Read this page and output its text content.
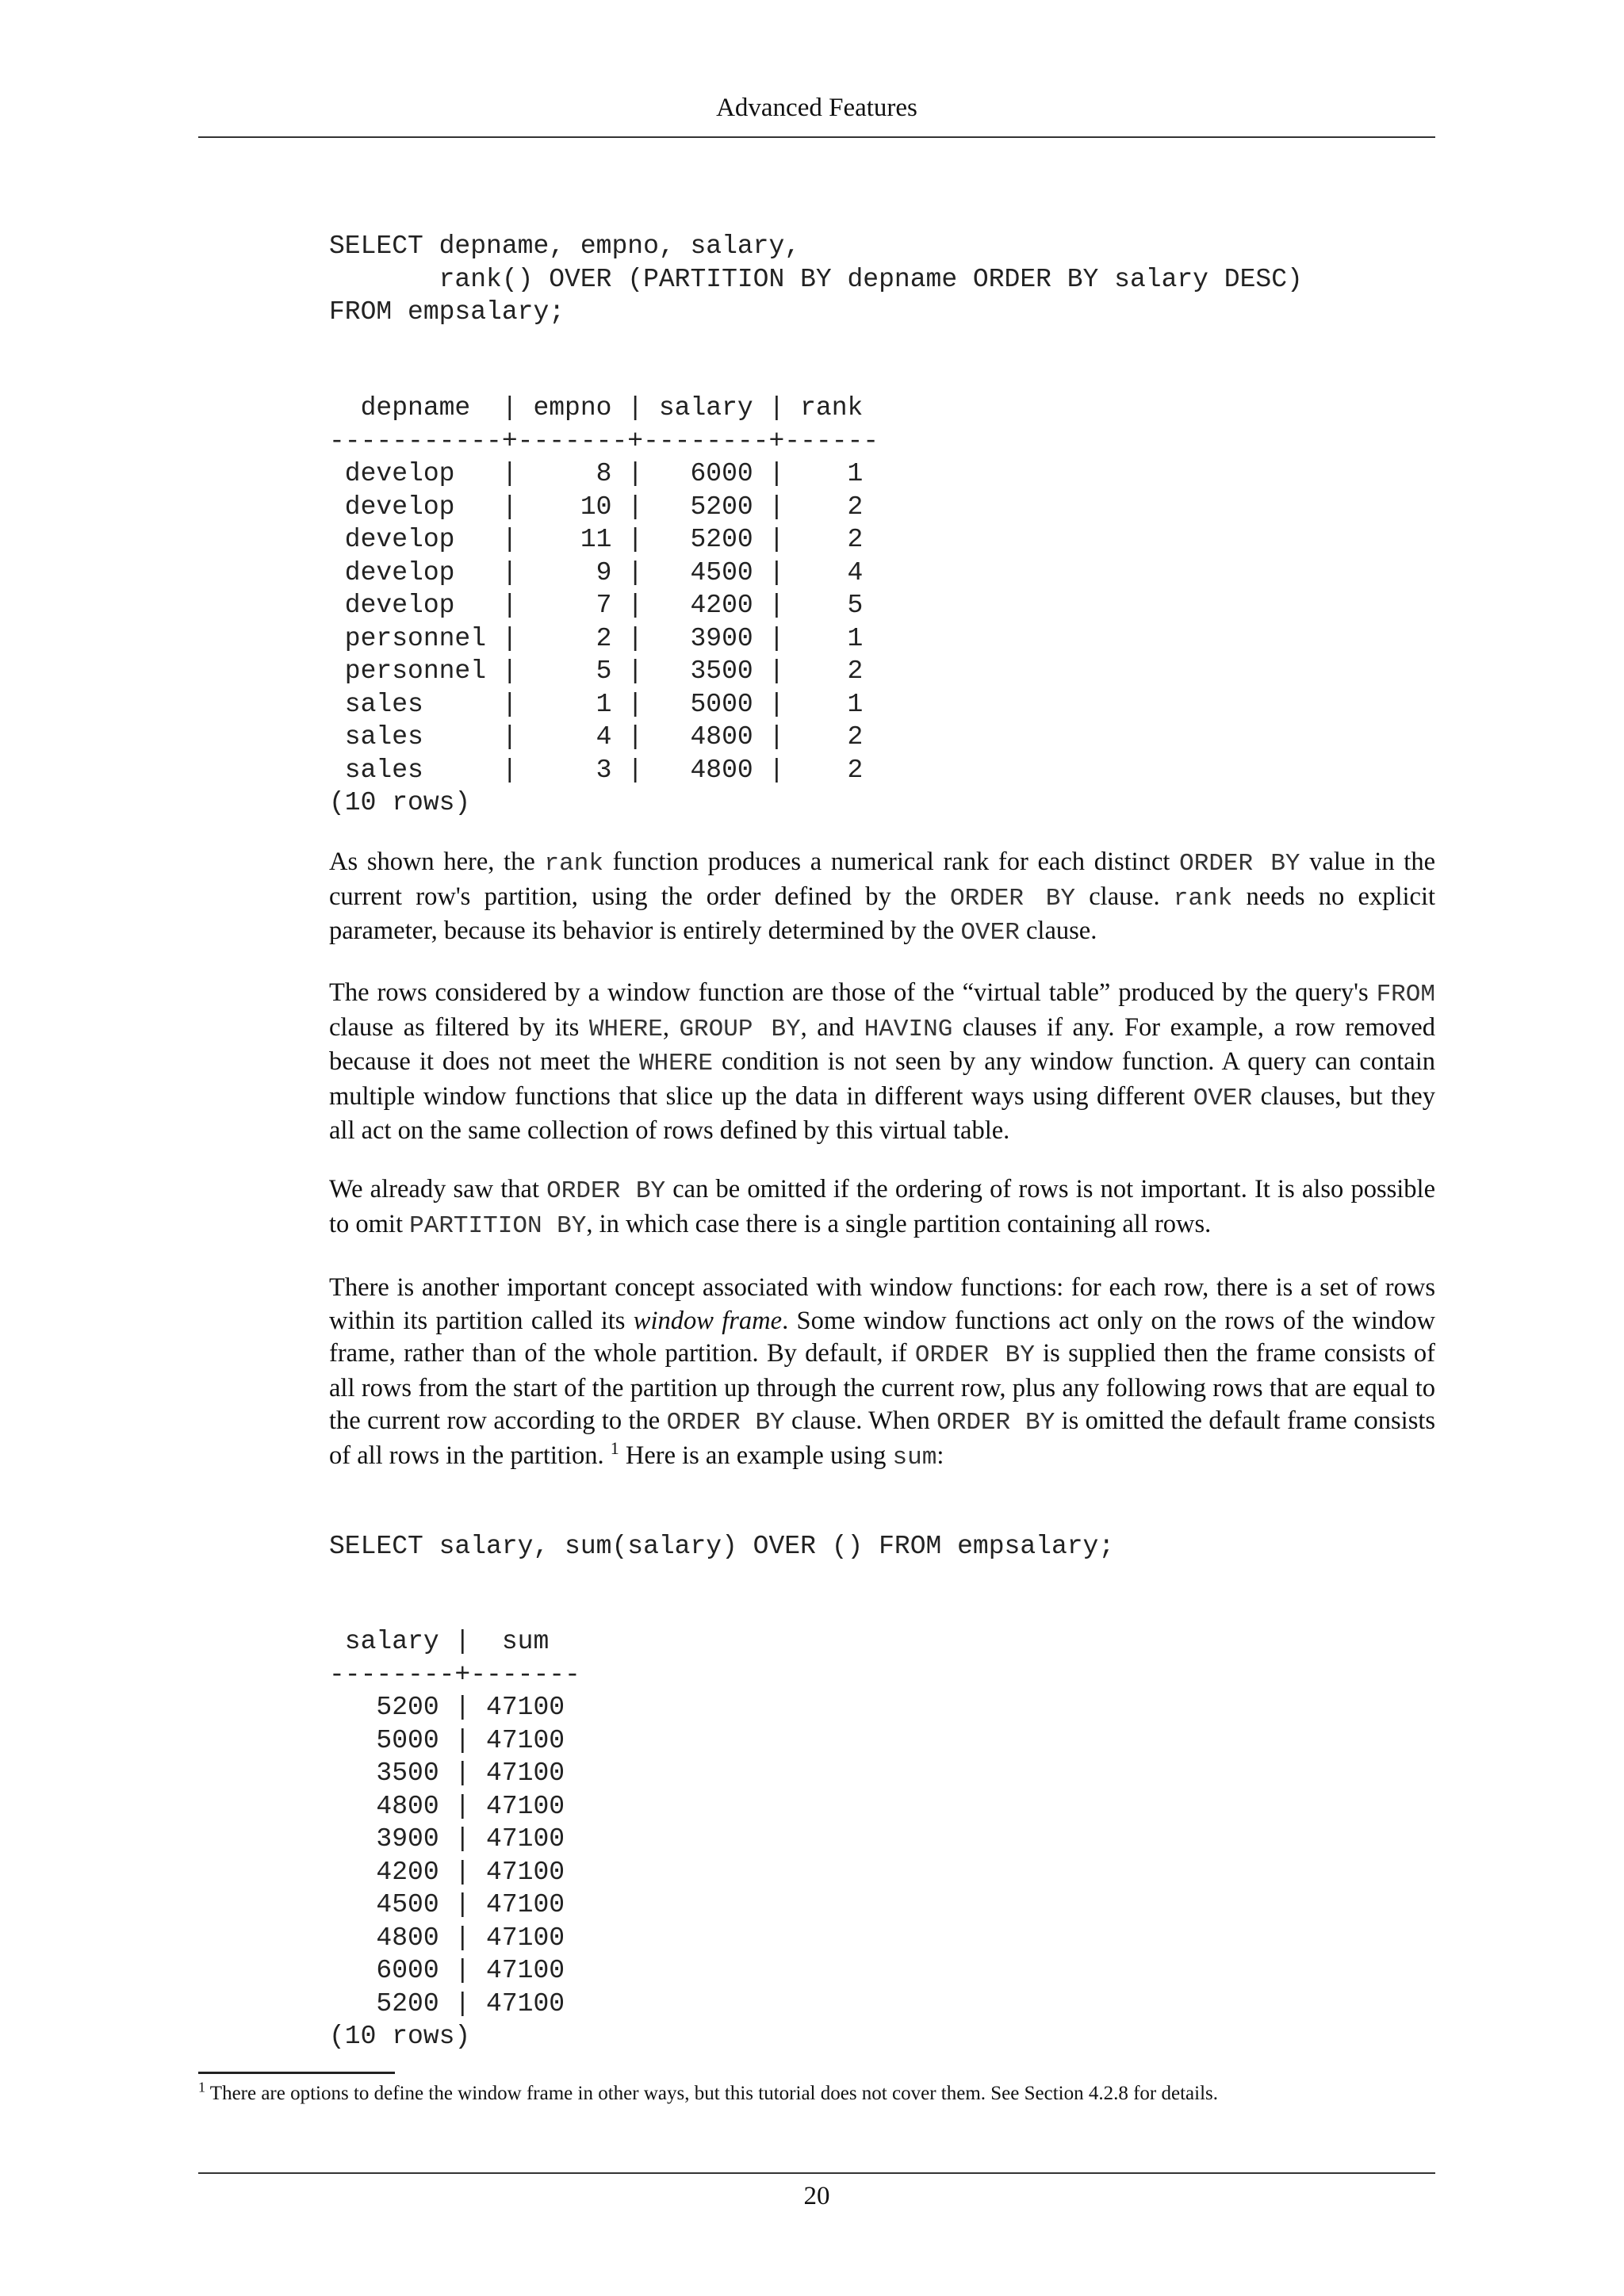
Advanced Features
SELECT depname, empno, salary,
rank() OVER (PARTITION BY depname ORDER BY salary DESC)
FROM empsalary;
depname  | empno | salary | rank
-----------+-------+--------+------
develop   |     8 |   6000 |    1
develop   |    10 |   5200 |    2
develop   |    11 |   5200 |    2
develop   |     9 |   4500 |    4
develop   |     7 |   4200 |    5
personnel |     2 |   3900 |    1
personnel |     5 |   3500 |    2
sales     |     1 |   5000 |    1
sales     |     4 |   4800 |    2
sales     |     3 |   4800 |    2
(10 rows)

As shown here, the rank function produces a numerical rank for each distinct ORDER BY value in the current row's partition, using the order defined by the ORDER BY clause. rank needs no explicit parameter, because its behavior is entirely determined by the OVER clause.

The rows considered by a window function are those of the “virtual table” produced by the query's FROM clause as filtered by its WHERE, GROUP BY, and HAVING clauses if any. For example, a row removed because it does not meet the WHERE condition is not seen by any window function. A query can contain multiple window functions that slice up the data in different ways using different OVER clauses, but they all act on the same collection of rows defined by this virtual table.

We already saw that ORDER BY can be omitted if the ordering of rows is not important. It is also possible to omit PARTITION BY, in which case there is a single partition containing all rows.

There is another important concept associated with window functions: for each row, there is a set of rows within its partition called its window frame. Some window functions act only on the rows of the window frame, rather than of the whole partition. By default, if ORDER BY is supplied then the frame consists of all rows from the start of the partition up through the current row, plus any following rows that are equal to the current row according to the ORDER BY clause. When ORDER BY is omitted the default frame consists of all rows in the partition. $^1$ Here is an example using sum:

SELECT salary, sum(salary) OVER () FROM empsalary;
salary |  sum
--------+-------
5200 | 47100
5000 | 47100
3500 | 47100
4800 | 47100
3900 | 47100
4200 | 47100
4500 | 47100
4800 | 47100
6000 | 47100
5200 | 47100
(10 rows)

$^1$ There are options to define the window frame in other ways, but this tutorial does not cover them. See Section 4.2.8 for details.

20
